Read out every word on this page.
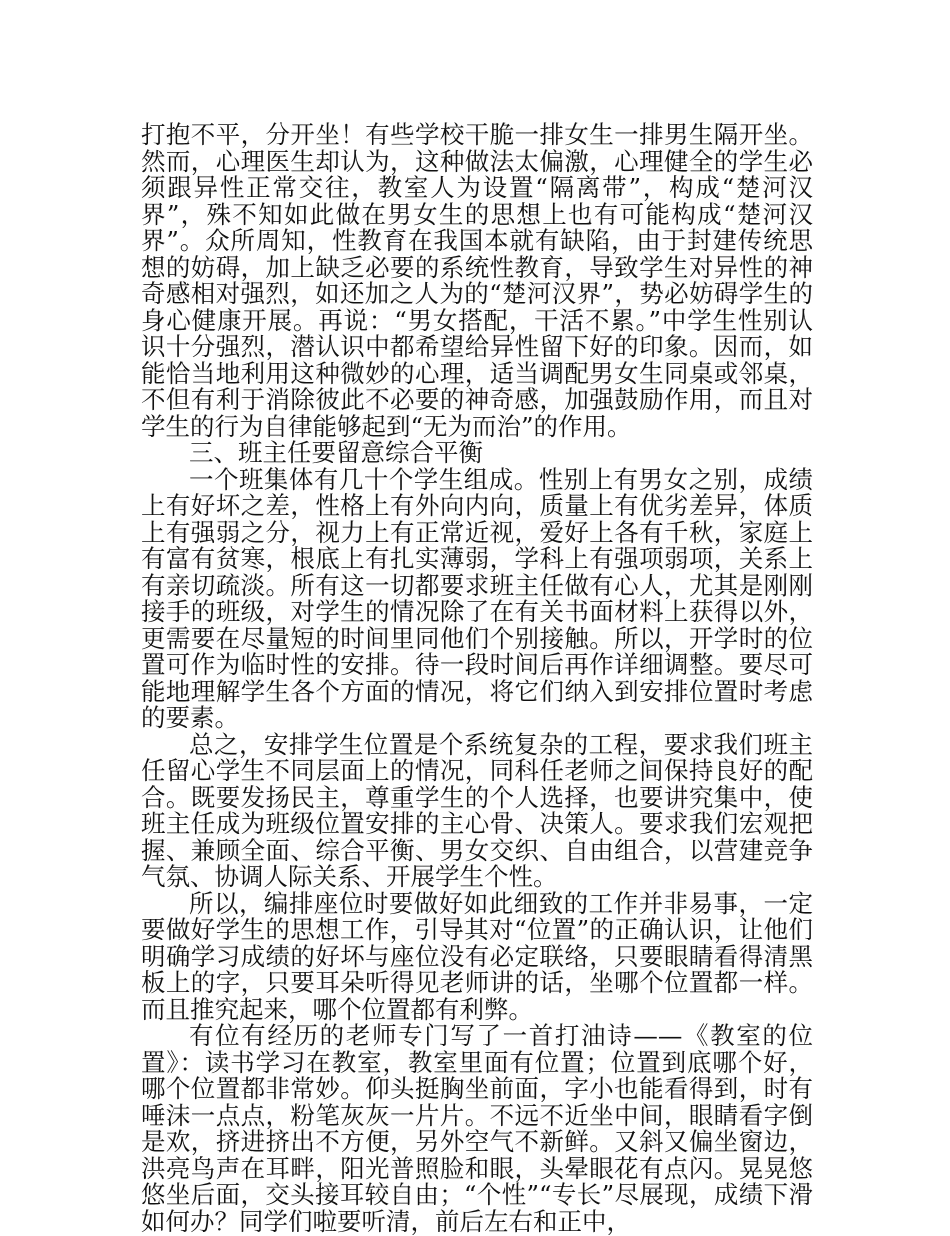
打抱不平，分开坐！有些学校干脆一排女生一排男生隔开坐。然而，心理医生却认为，这种做法太偏激，心理健全的学生必须跟异性正常交往，教室人为设置“隔离带”，构成“楚河汉界”，殊不知如此做在男女生的思想上也有可能构成“楚河汉界”。众所周知，性教育在我国本就有缺陷，由于封建传统思想的妨碍，加上缺乏必要的系统性教育，导致学生对异性的神奇感相对强烈，如还加之人为的“楚河汉界”，势必妨碍学生的身心健康开展。再说：“男女搭配，干活不累。”中学生性别认识十分强烈，潜认识中都希望给异性留下好的印象。因而，如能恰当地利用这种微妙的心理，适当调配男女生同桌或邻桌，不但有利于消除彼此不必要的神奇感，加强鼓励作用，而且对学生的行为自律能够起到“无为而治”的作用。

三、班主任要留意综合平衡

一个班集体有几十个学生组成。性别上有男女之别，成绩上有好坏之差，性格上有外向内向，质量上有优劣差异，体质上有强弱之分，视力上有正常近视，爱好上各有千秋，家庭上有富有贫寒，根底上有扎实薄弱，学科上有强项弱项，关系上有亲切疏淡。所有这一切都要求班主任做有心人，尤其是刚刚接手的班级，对学生的情况除了在有关书面材料上获得以外，更需要在尽量短的时间里同他们个别接触。所以，开学时的位置可作为临时性的安排。待一段时间后再作详细调整。要尽可能地理解学生各个方面的情况，将它们纳入到安排位置时考虑的要素。

总之，安排学生位置是个系统复杂的工程，要求我们班主任留心学生不同层面上的情况，同科任老师之间保持良好的配合。既要发扬民主，尊重学生的个人选择，也要讲究集中，使班主任成为班级位置安排的主心骨、决策人。要求我们宏观把握、兼顾全面、综合平衡、男女交织、自由组合，以营建竞争气氛、协调人际关系、开展学生个性。

所以，编排座位时要做好如此细致的工作并非易事，一定要做好学生的思想工作，引导其对“位置”的正确认识，让他们明确学习成绩的好坏与座位没有必定联络，只要眼睛看得清黑板上的字，只要耳朵听得见老师讲的话，坐哪个位置都一样。而且推究起来，哪个位置都有利弊。

有位有经历的老师专门写了一首打油诗——《教室的位置》：读书学习在教室，教室里面有位置；位置到底哪个好，哪个位置都非常妙。仰头挺胸坐前面，字小也能看得到，时有唾沫一点点，粉笔灰灰一片片。不远不近坐中间，眼睛看字倒是欢，挤进挤出不方便，另外空气不新鲜。又斜又偏坐窗边，洪亮鸟声在耳畔，阳光普照脸和眼，头晕眼花有点闪。晃晃悠悠坐后面，交头接耳较自由；“个性”“专长”尽展现，成绩下滑如何办？同学们啦要听清，前后左右和正中，
